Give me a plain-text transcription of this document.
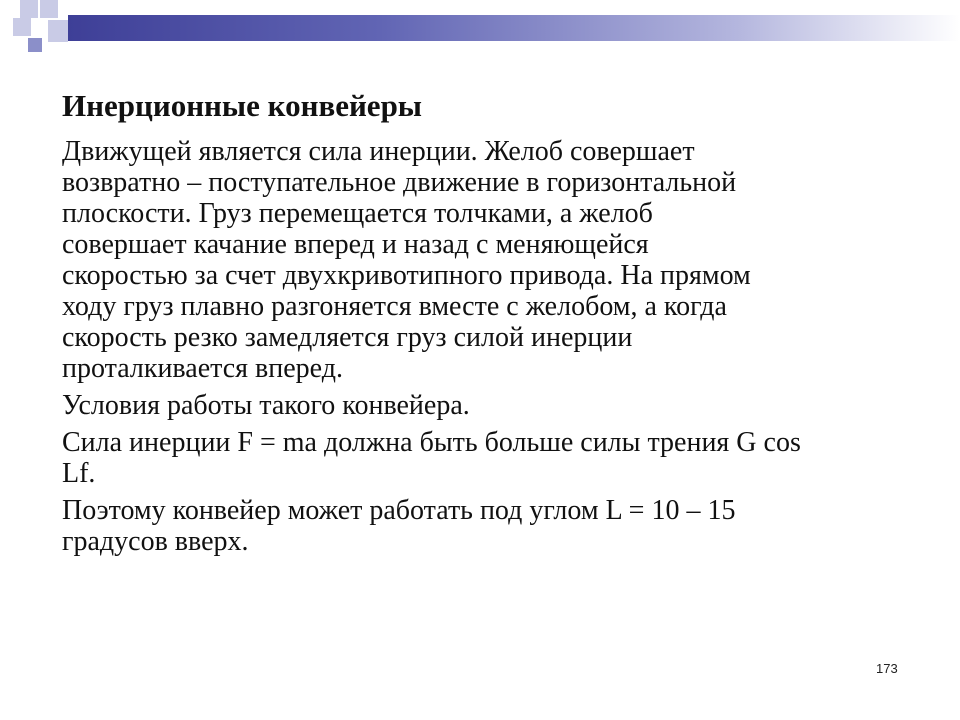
Инерционные конвейеры

Движущей является сила инерции. Желоб совершает
возвратно – поступательное движение в горизонтальной
плоскости. Груз перемещается толчками, а желоб
совершает качание вперед и назад с меняющейся
скоростью за счет двухкривотипного привода. На прямом
ходу груз плавно разгоняется вместе с желобом, а когда
скорость резко замедляется груз силой инерции
проталкивается вперед.

Условия работы такого конвейера.

Сила инерции F = ma должна быть больше силы трения G cos
Lf.

Поэтому конвейер может работать под углом L = 10 – 15
градусов вверх.

173
